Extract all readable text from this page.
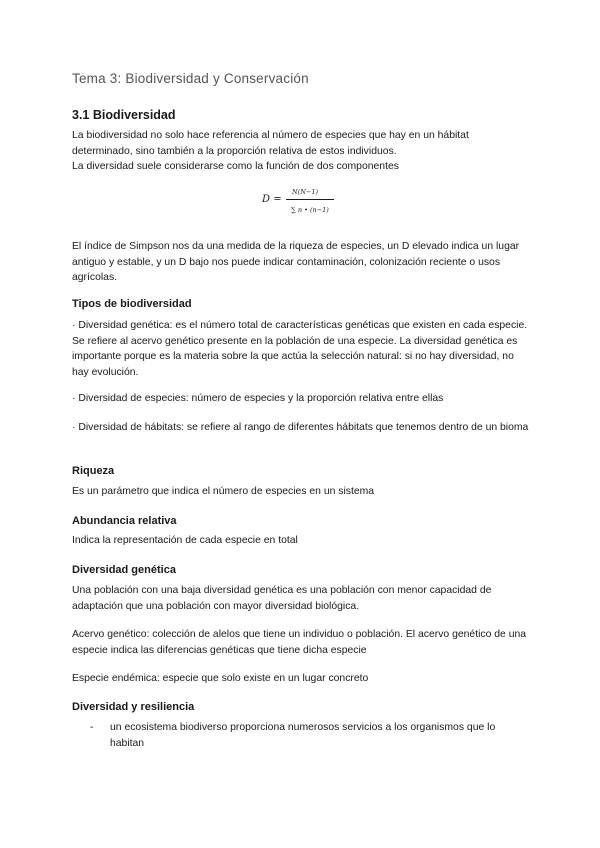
Tema 3: Biodiversidad y Conservación
3.1 Biodiversidad
La biodiversidad no solo hace referencia al número de especies que hay en un hábitat determinado, sino también a la proporción relativa de estos individuos.
La diversidad suele considerarse como la función de dos componentes
D =
N(N−1)
∑ n • (n−1)
El índice de Simpson nos da una medida de la riqueza de especies, un D elevado indica un lugar antiguo y estable, y un D bajo nos puede indicar contaminación, colonización reciente o usos agrícolas.
Tipos de biodiversidad
· Diversidad genética: es el número total de características genéticas que existen en cada especie. Se refiere al acervo genético presente en la población de una especie. La diversidad genética es importante porque es la materia sobre la que actúa la selección natural: si no hay diversidad, no hay evolución.
· Diversidad de especies: número de especies y la proporción relativa entre ellas
· Diversidad de hábitats: se refiere al rango de diferentes hábitats que tenemos dentro de un bioma
Riqueza
Es un parámetro que indica el número de especies en un sistema
Abundancia relativa
Indica la representación de cada especie en total
Diversidad genética
Una población con una baja diversidad genética es una población con menor capacidad de adaptación que una población con mayor diversidad biológica.
Acervo genético: colección de alelos que tiene un individuo o población. El acervo genético de una especie indica las diferencias genéticas que tiene dicha especie
Especie endémica: especie que solo existe en un lugar concreto
Diversidad y resiliencia
- un ecosistema biodiverso proporciona numerosos servicios a los organismos que lo habitan
